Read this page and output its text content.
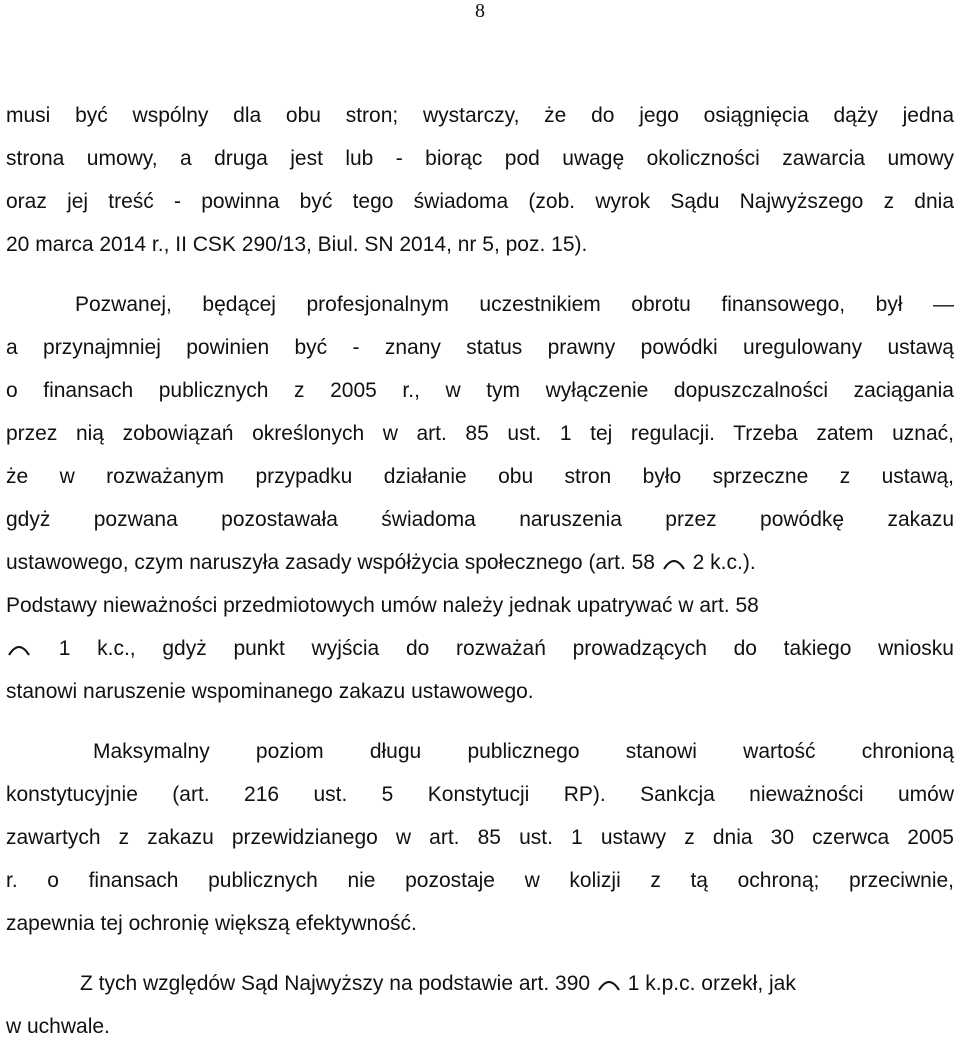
8
musi być wspólny dla obu stron; wystarczy, że do jego osiągnięcia dąży jedna
strona umowy, a druga jest lub - biorąc pod uwagę okoliczności zawarcia umowy
oraz jej treść - powinna być tego świadoma (zob. wyrok Sądu Najwyższego z dnia
20 marca 2014 r., II CSK 290/13, Biul. SN 2014, nr 5, poz. 15).
Pozwanej, będącej profesjonalnym uczestnikiem obrotu finansowego, był —
a przynajmniej powinien być - znany status prawny powódki uregulowany ustawą
o finansach publicznych z 2005 r., w tym wyłączenie dopuszczalności zaciągania
przez nią zobowiązań określonych w art. 85 ust. 1 tej regulacji. Trzeba zatem uznać,
że w rozważanym przypadku działanie obu stron było sprzeczne z ustawą,
gdyż pozwana pozostawała świadoma naruszenia przez powódkę zakazu
ustawowego, czym naruszyła zasady współżycia społecznego (art. 58 2 k.c.).
Podstawy nieważności przedmiotowych umów należy jednak upatrywać w art. 58
1 k.c., gdyż punkt wyjścia do rozważań prowadzących do takiego wniosku
stanowi naruszenie wspominanego zakazu ustawowego.
Maksymalny poziom długu publicznego stanowi wartość chronioną
konstytucyjnie (art. 216 ust. 5 Konstytucji RP). Sankcja nieważności umów
zawartych z zakazu przewidzianego w art. 85 ust. 1 ustawy z dnia 30 czerwca 2005
r. o finansach publicznych nie pozostaje w kolizji z tą ochroną; przeciwnie,
zapewnia tej ochronię większą efektywność.
Z tych względów Sąd Najwyższy na podstawie art. 390 1 k.p.c. orzekł, jak
w uchwale.
